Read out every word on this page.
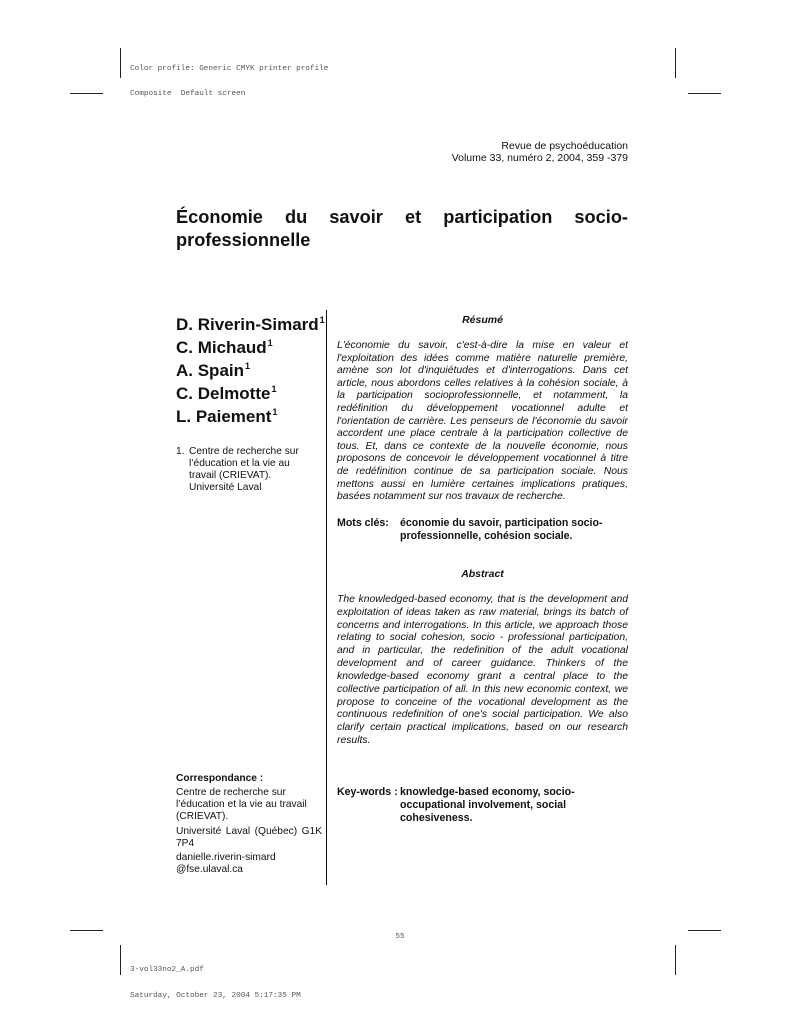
Color profile: Generic CMYK printer profile

Composite  Default screen

3-vol33no2_A.pdf

Saturday, October 23, 2004 5:17:35 PM

55
Revue de psychoéducation
Volume 33, numéro 2, 2004, 359 -379
Économie du savoir et participation socio-
professionnelle
D. Riverin-Simard$^1$
C. Michaud$^1$
A. Spain$^1$
C. Delmotte$^1$
L. Paiement$^1$
1. Centre de recherche sur
l’éducation et la vie au
travail (CRIEVAT).
Université Laval
Résumé
L'économie du savoir, c'est-à-dire la mise en valeur et
l'exploitation des idées comme matière naturelle première,
amène son lot d'inquiétudes et d'interrogations. Dans cet
article, nous abordons celles relatives à la cohésion sociale, à
la participation socioprofessionnelle, et notamment, la
redéfinition du développement vocationnel adulte et
l'orientation de carrière. Les penseurs de l'économie du savoir
accordent une place centrale à la participation collective de
tous. Et, dans ce contexte de la nouvelle économie, nous
proposons de concevoir le développement vocationnel à titre
de redéfinition continue de sa participation sociale. Nous
mettons aussi en lumière certaines implications pratiques,
basées notamment sur nos travaux de recherche.
Mots clés: économie du savoir, participation socio-
professionnelle, cohésion sociale.
Abstract
The knowledged-based economy, that is the development and
exploitation of ideas taken as raw material, brings its batch of
concerns and interrogations. In this article, we approach those
relating to social cohesion, socio - professional participation,
and in particular, the redefinition of the adult vocational
development and of career guidance. Thinkers of the
knowledge-based economy grant a central place to the
collective participation of all. In this new economic context, we
propose to conceine of the vocational development as the
continuous redefinition of one's social participation. We also
clarify certain practical implications, based on our research
results.
Key-words : knowledge-based economy, socio-
occupational involvement, social
cohesiveness.
Correspondance :
Centre de recherche sur
l’éducation et la vie au travail
(CRIEVAT).
Université Laval (Québec) G1K
7P4
danielle.riverin-simard
@fse.ulaval.ca
